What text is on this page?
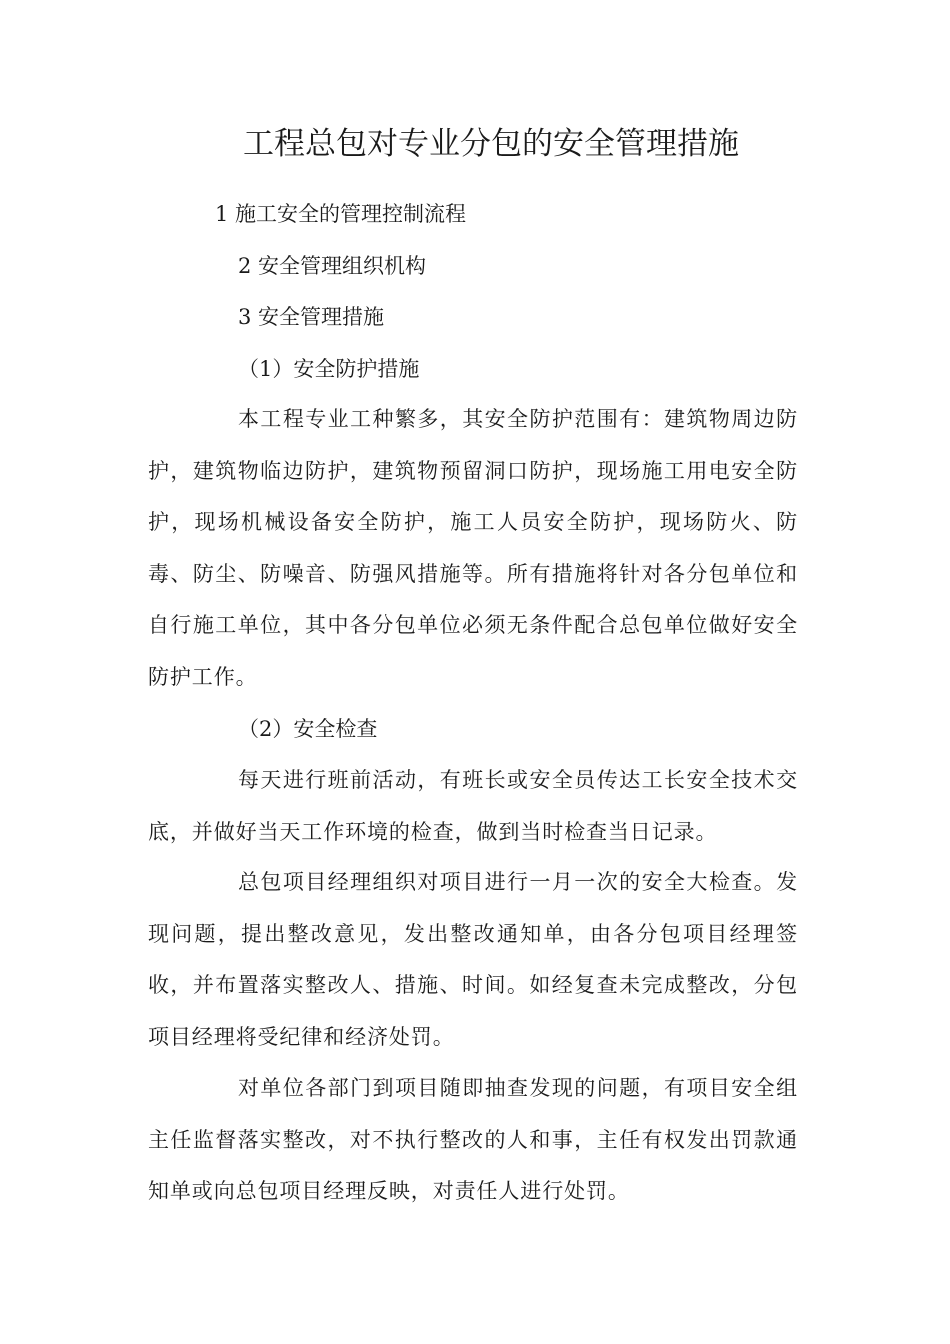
工程总包对专业分包的安全管理措施
1 施工安全的管理控制流程
2 安全管理组织机构
3 安全管理措施
（1）安全防护措施
本工程专业工种繁多，其安全防护范围有：建筑物周边防护，建筑物临边防护，建筑物预留洞口防护，现场施工用电安全防护，现场机械设备安全防护，施工人员安全防护，现场防火、防毒、防尘、防噪音、防强风措施等。所有措施将针对各分包单位和自行施工单位，其中各分包单位必须无条件配合总包单位做好安全防护工作。
（2）安全检查
每天进行班前活动，有班长或安全员传达工长安全技术交底，并做好当天工作环境的检查，做到当时检查当日记录。
总包项目经理组织对项目进行一月一次的安全大检查。发现问题，提出整改意见，发出整改通知单，由各分包项目经理签收，并布置落实整改人、措施、时间。如经复查未完成整改，分包项目经理将受纪律和经济处罚。
对单位各部门到项目随即抽查发现的问题，有项目安全组主任监督落实整改，对不执行整改的人和事，主任有权发出罚款通知单或向总包项目经理反映，对责任人进行处罚。
